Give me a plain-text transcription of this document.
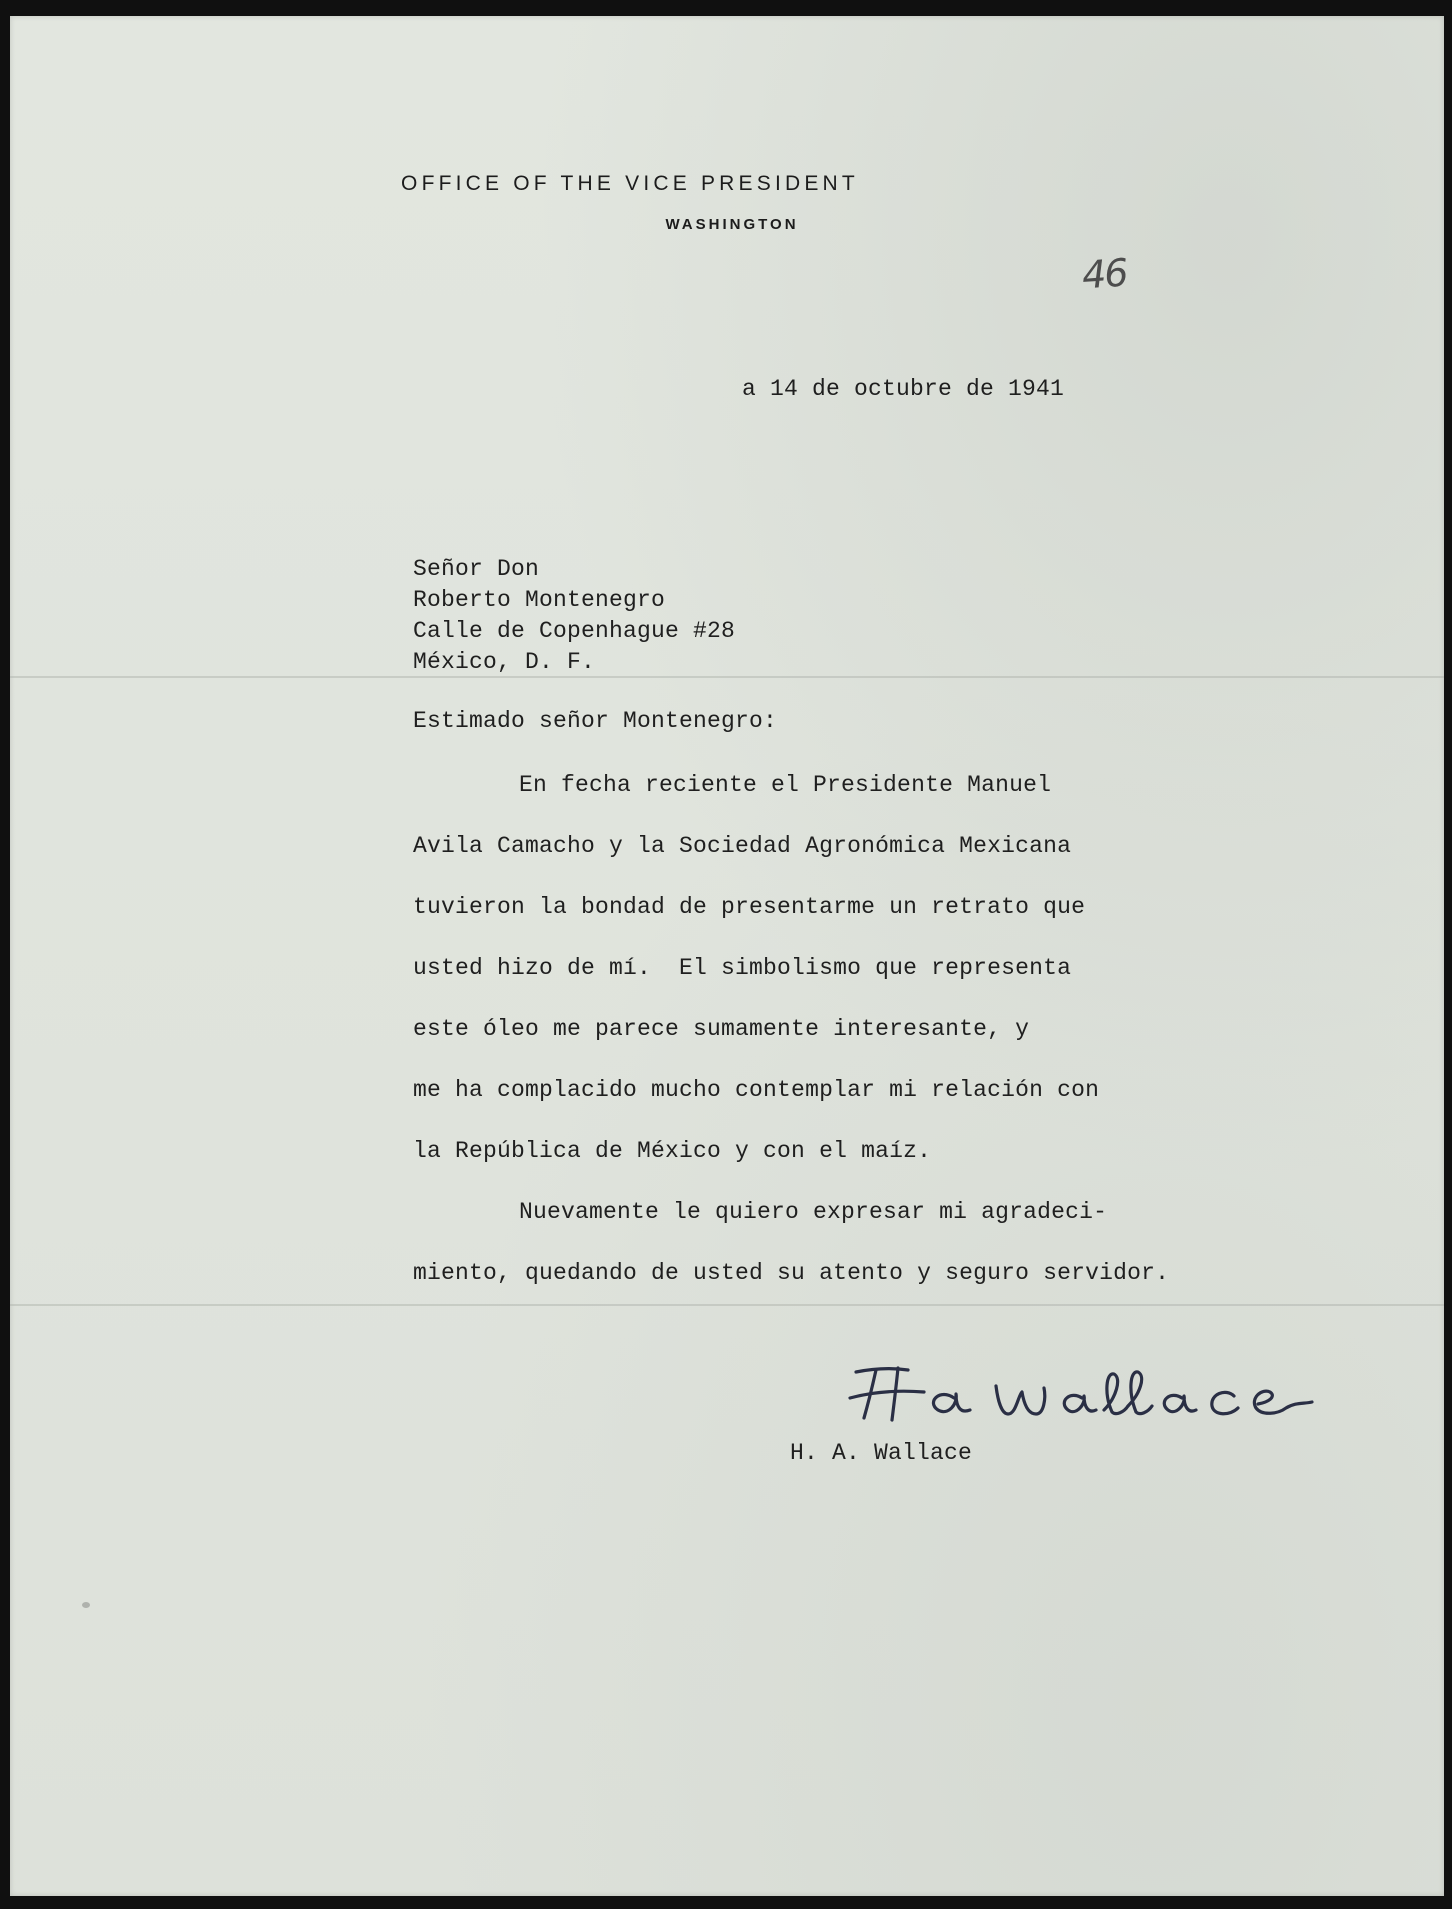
OFFICE OF THE VICE PRESIDENT
WASHINGTON
46
a 14 de octubre de 1941
Señor Don
Roberto Montenegro
Calle de Copenhague #28
México, D. F.
Estimado señor Montenegro:
En fecha reciente el Presidente Manuel
Avila Camacho y la Sociedad Agronómica Mexicana
tuvieron la bondad de presentarme un retrato que
usted hizo de mí.  El simbolismo que representa
este óleo me parece sumamente interesante, y
me ha complacido mucho contemplar mi relación con
la República de México y con el maíz.
Nuevamente le quiero expresar mi agradeci-
miento, quedando de usted su atento y seguro servidor.
H. A. Wallace
